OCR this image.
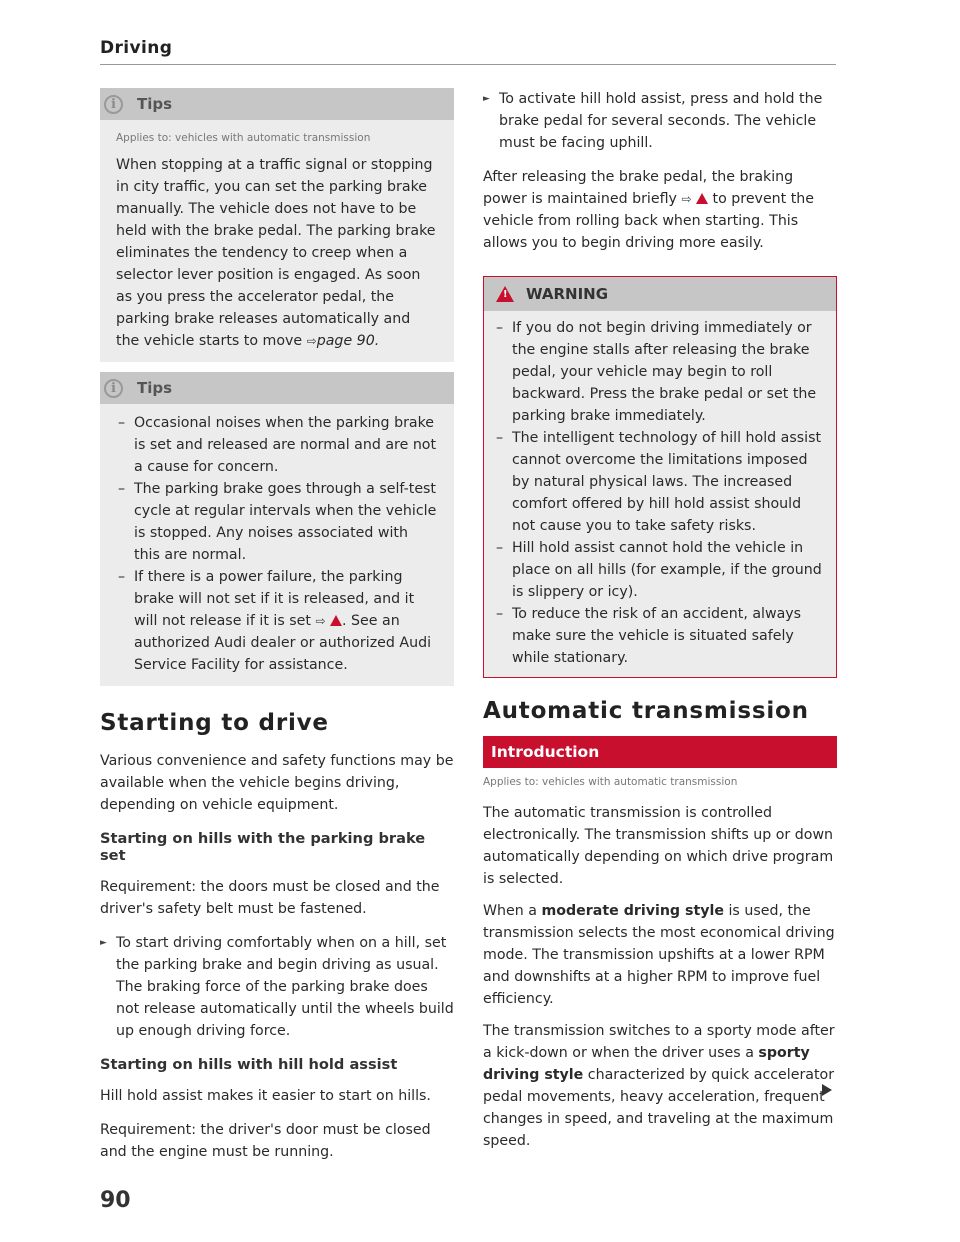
Driving
i	Tips
Applies to: vehicles with automatic transmission

When stopping at a traffic signal or stopping in city traffic, you can set the parking brake manually. The vehicle does not have to be held with the brake pedal. The parking brake eliminates the tendency to creep when a selector lever position is engaged. As soon as you press the accelerator pedal, the parking brake releases automatically and the vehicle starts to move ⇨page 90.

i	Tips
– Occasional noises when the parking brake is set and released are normal and are not a cause for concern.
– The parking brake goes through a self-test cycle at regular intervals when the vehicle is stopped. Any noises associated with this are normal.
– If there is a power failure, the parking brake will not set if it is released, and it will not release if it is set ⇨ . See an authorized Audi dealer or authorized Audi Service Facility for assistance.
Starting to drive

Various convenience and safety functions may be available when the vehicle begins driving, depending on vehicle equipment.

Starting on hills with the parking brake set

Requirement: the doors must be closed and the driver's safety belt must be fastened.

► To start driving comfortably when on a hill, set the parking brake and begin driving as usual. The braking force of the parking brake does not release automatically until the wheels build up enough driving force.
Starting on hills with hill hold assist

Hill hold assist makes it easier to start on hills.

Requirement: the driver's door must be closed and the engine must be running.

► To activate hill hold assist, press and hold the brake pedal for several seconds. The vehicle must be facing uphill.

After releasing the brake pedal, the braking power is maintained briefly ⇨  to prevent the vehicle from rolling back when starting. This allows you to begin driving more easily.

! WARNING
– If you do not begin driving immediately or the engine stalls after releasing the brake pedal, your vehicle may begin to roll backward. Press the brake pedal or set the parking brake immediately.
– The intelligent technology of hill hold assist cannot overcome the limitations imposed by natural physical laws. The increased comfort offered by hill hold assist should not cause you to take safety risks.
– Hill hold assist cannot hold the vehicle in place on all hills (for example, if the ground is slippery or icy).
– To reduce the risk of an accident, always make sure the vehicle is situated safely while stationary.
Automatic transmission
Introduction
Applies to: vehicles with automatic transmission

The automatic transmission is controlled electronically. The transmission shifts up or down automatically depending on which drive program is selected.

When a moderate driving style is used, the transmission selects the most economical driving mode. The transmission upshifts at a lower RPM and downshifts at a higher RPM to improve fuel efficiency.

The transmission switches to a sporty mode after a kick-down or when the driver uses a sporty driving style characterized by quick accelerator pedal movements, heavy acceleration, frequent changes in speed, and traveling at the maximum speed.

90
